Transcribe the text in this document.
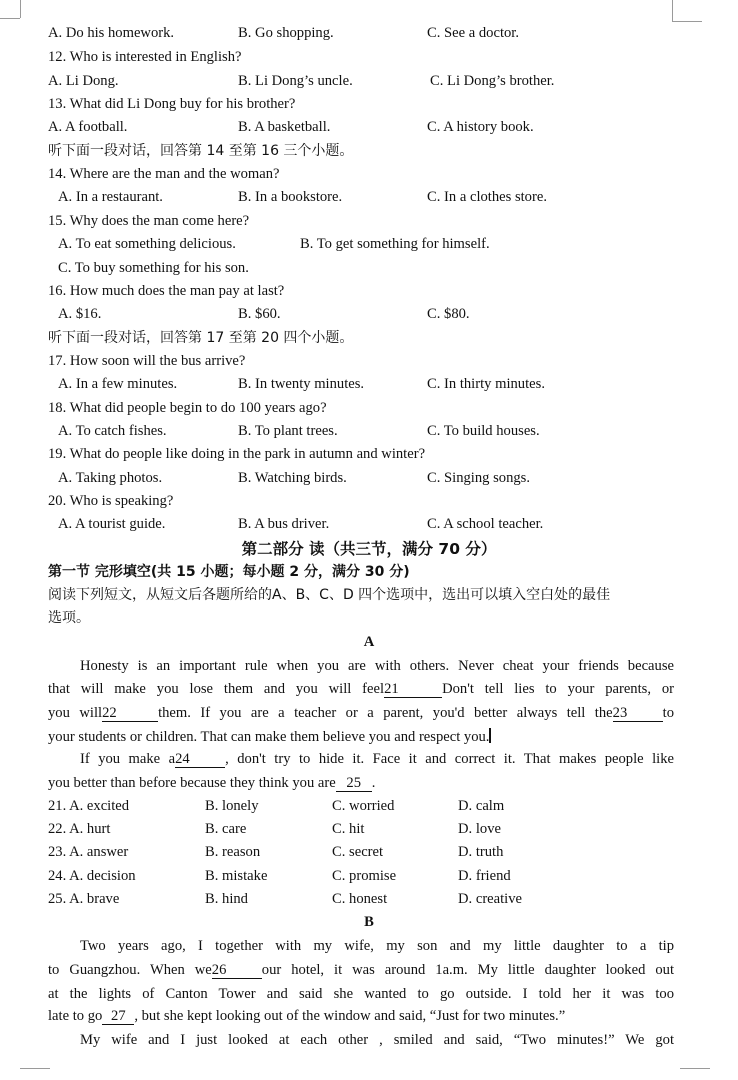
A. Do his homework.	B. Go shopping.	C. See a doctor.
12. Who is interested in English?
A. Li Dong.	B. Li Dong’s uncle.	C. Li Dong’s brother.
13. What did Li Dong buy for his brother?
A. A football.	B. A basketball.	C. A history book.
听下面一段对话，回答第 14 至第 16 三个小题。
14. Where are the man and the woman?
A. In a restaurant.	B. In a bookstore.	C. In a clothes store.
15. Why does the man come here?
A. To eat something delicious.	B. To get something for himself.
C. To buy something for his son.
16. How much does the man pay at last?
A. $16.	B. $60.	C. $80.
听下面一段对话，回答第 17 至第 20 四个小题。
17. How soon will the bus arrive?
A. In a few minutes.	B. In twenty minutes.	C. In thirty minutes.
18. What did people begin to do 100 years ago?
A. To catch fishes.	B. To plant trees.	C. To build houses.
19. What do people like doing in the park in autumn and winter?
A. Taking photos.	B. Watching birds.	C. Singing songs.
20. Who is speaking?
A. A tourist guide.	B. A bus driver.	C. A school teacher.
第二部分 读（共三节，满分 70 分）
第一节 完形填空(共 15 小题；每小题 2 分，满分 30 分)
阅读下列短文，从短文后各题所给的A、B、C、D 四个选项中，选出可以填入空白处的最佳
选项。
A
Honesty is an important rule when you are with others. Never cheat your friends because
that will make you lose them and you will feel21	Don't tell lies to your parents, or
you will22	them. If you are a teacher or a parent, you'd better always tell the23 to
your students or children. That can make them believe you and respect you.
If you make a24 , don't try to hide it. Face it and correct it. That makes people like
you better than before because they think you are 25 .
21. A. excited	B. lonely	C. worried	D. calm
22. A. hurt	B. care	C. hit	D. love
23. A. answer	B. reason	C. secret	D. truth
24. A. decision	B. mistake	C. promise	D. friend
25. A. brave	B. hind	C. honest	D. creative
B
Two years ago, I together with my wife, my son and my little daughter to a tip
to Guangzhou. When we26 our hotel, it was around 1a.m. My little daughter looked out
at the lights of Canton Tower and said she wanted to go outside. I told her it was too
late to go 27 , but she kept looking out of the window and said, “Just for two minutes.”
My wife and I just looked at each other , smiled and said, “Two minutes!” We got
